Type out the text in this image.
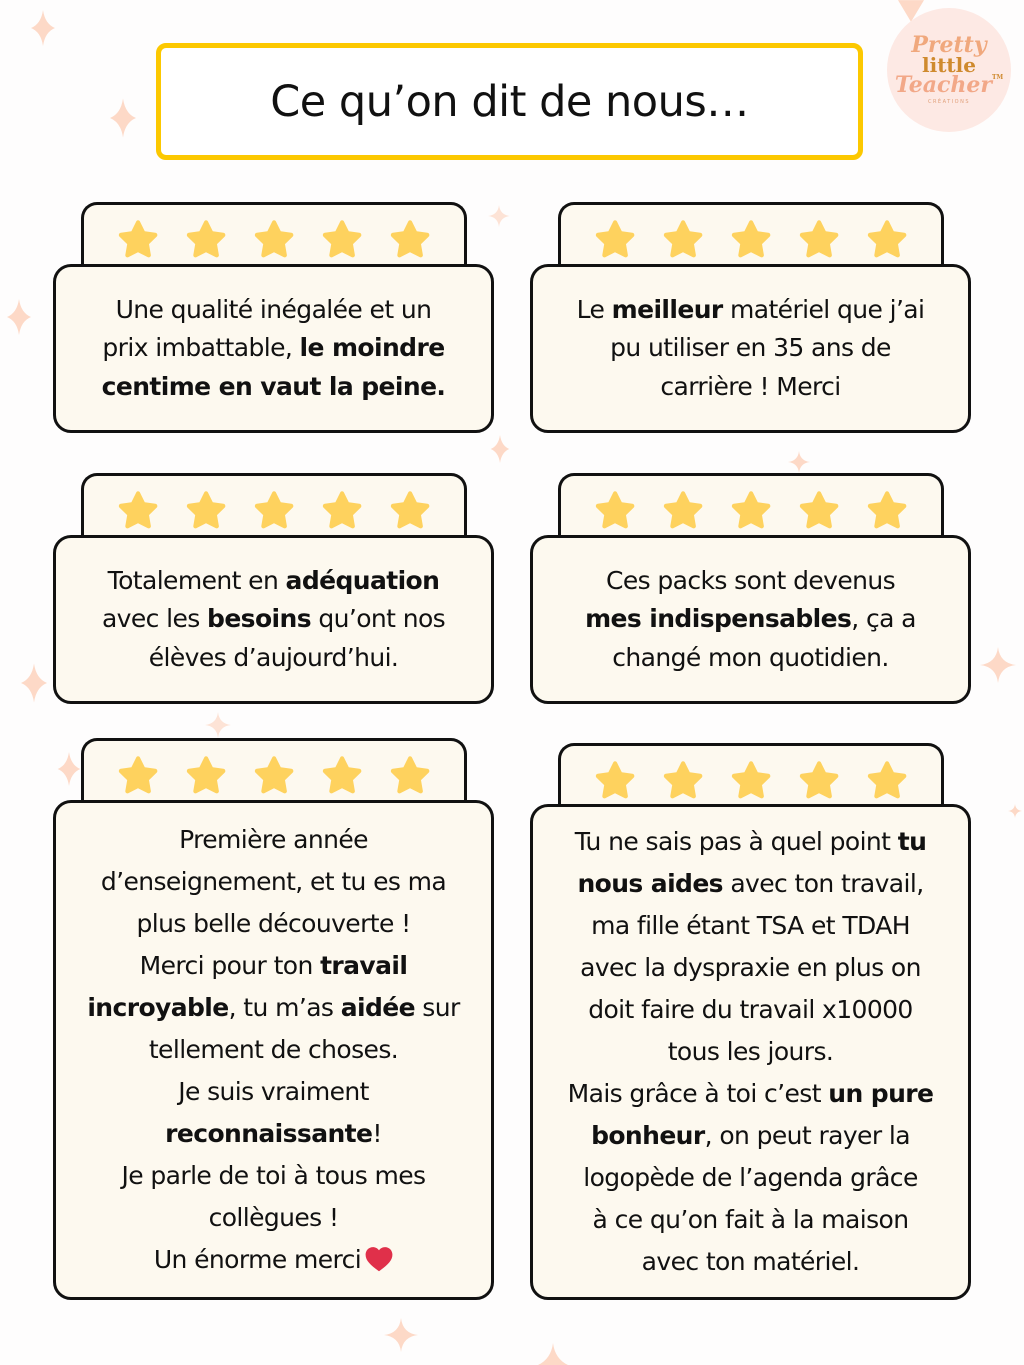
Ce qu’on dit de nous…
Pretty
little
Teacher™
CRÉATIONS
Une qualité inégalée et un
prix imbattable, le moindre
centime en vaut la peine.
Le meilleur matériel que j’ai
pu utiliser en 35 ans de
carrière ! Merci
Totalement en adéquation
avec les besoins qu’ont nos
élèves d’aujourd’hui.
Ces packs sont devenus
mes indispensables, ça a
changé mon quotidien.
Première année
d’enseignement, et tu es ma
plus belle découverte !
Merci pour ton travail
incroyable, tu m’as aidée sur
tellement de choses.
Je suis vraiment
reconnaissante!
Je parle de toi à tous mes
collègues !
Un énorme merci
Tu ne sais pas à quel point tu
nous aides avec ton travail,
ma fille étant TSA et TDAH
avec la dyspraxie en plus on
doit faire du travail x10000
tous les jours.
Mais grâce à toi c’est un pure
bonheur, on peut rayer la
logopède de l’agenda grâce
à ce qu’on fait à la maison
avec ton matériel.
